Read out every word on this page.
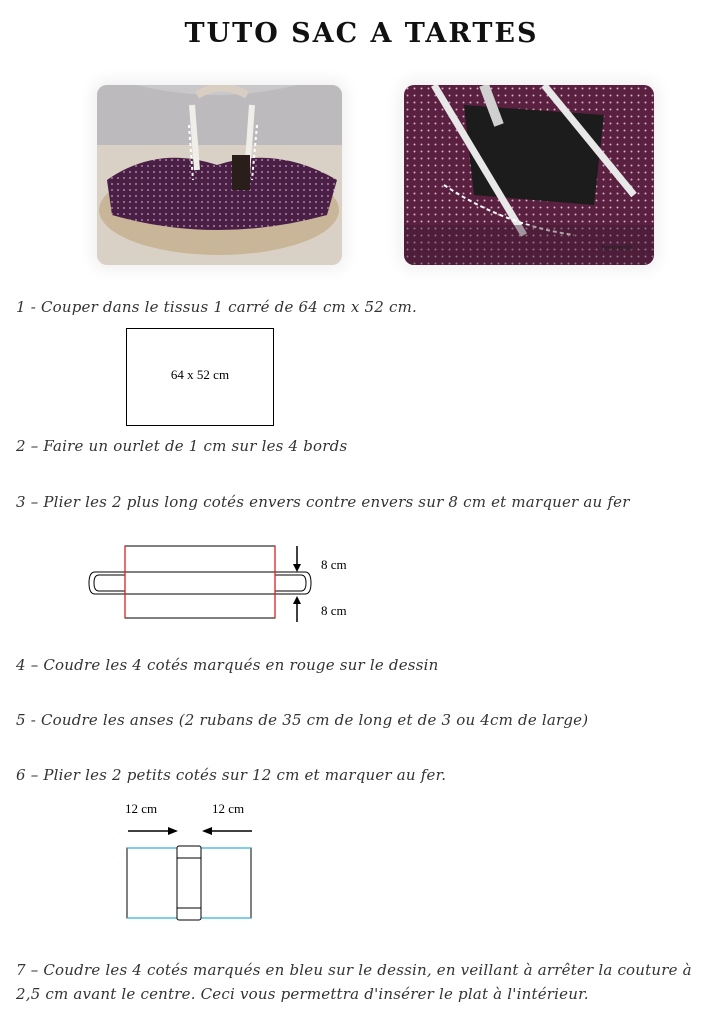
TUTO SAC A TARTES
Sermentik
1 - Couper dans le tissus 1 carré de 64 cm x 52 cm.
64 x 52 cm
2 – Faire un ourlet de 1 cm sur les 4 bords
3 – Plier les 2 plus long cotés envers contre envers sur 8 cm et marquer au fer
8 cm
8 cm
4 – Coudre les 4 cotés marqués en rouge sur le dessin
5 - Coudre les anses (2 rubans de 35 cm de long et de 3 ou 4cm de large)
6 – Plier les 2 petits cotés sur 12 cm et marquer au fer.
12 cm	12 cm
7 – Coudre les 4 cotés marqués en bleu sur le dessin, en veillant à arrêter la couture à 2,5 cm avant le centre. Ceci vous permettra d'insérer le plat à l'intérieur.
